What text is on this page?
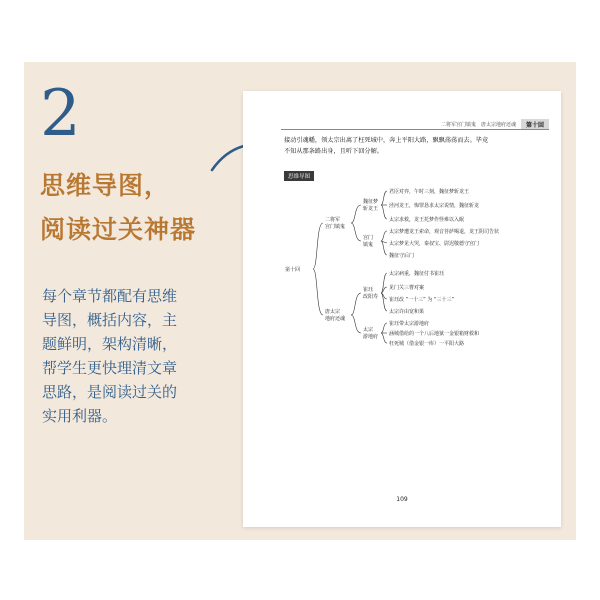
2
思维导图，
阅读过关神器
每个章节都配有思维
导图，概括内容，主
题鲜明，架构清晰，
帮学生更快理清文章
思路，是阅读过关的
实用利器。
二将军宫门镇鬼 唐太宗地府还魂	第十回

接动引魂幡，领太宗出离了枉死城中，奔上平阳大路，飘飘荡荡而去。毕竟

不知从那条路出身，且听下回分解。

思维导图
第十回
二将军
宫门镇鬼
唐太宗
地府还魂
魏征梦
斩龙王
宫门
镇鬼
崔珏
改阳寿
太宗
游地府
君臣对弈，午时三刻，魏征梦斩龙王
泾河龙王，悔罪恳求太宗说情，魏征斩龙
太宗求救，龙王托梦作怪难以入眠
太宗梦遭龙王索命，观音菩萨喝退，龙王阴司告状
太宗梦见大哭，秦叔宝、尉迟敬德守宫门
魏征守后门
太宗病重，魏征付书崔珏
见门关三曹对案
崔珏改 “一十三” 为 “三十三”
太宗许由宽和果
崔珏带太宗游地府
涵城借给的一个八后地狱一金银箱财救和
枉死城（借金银一库）一平阳大路
109
